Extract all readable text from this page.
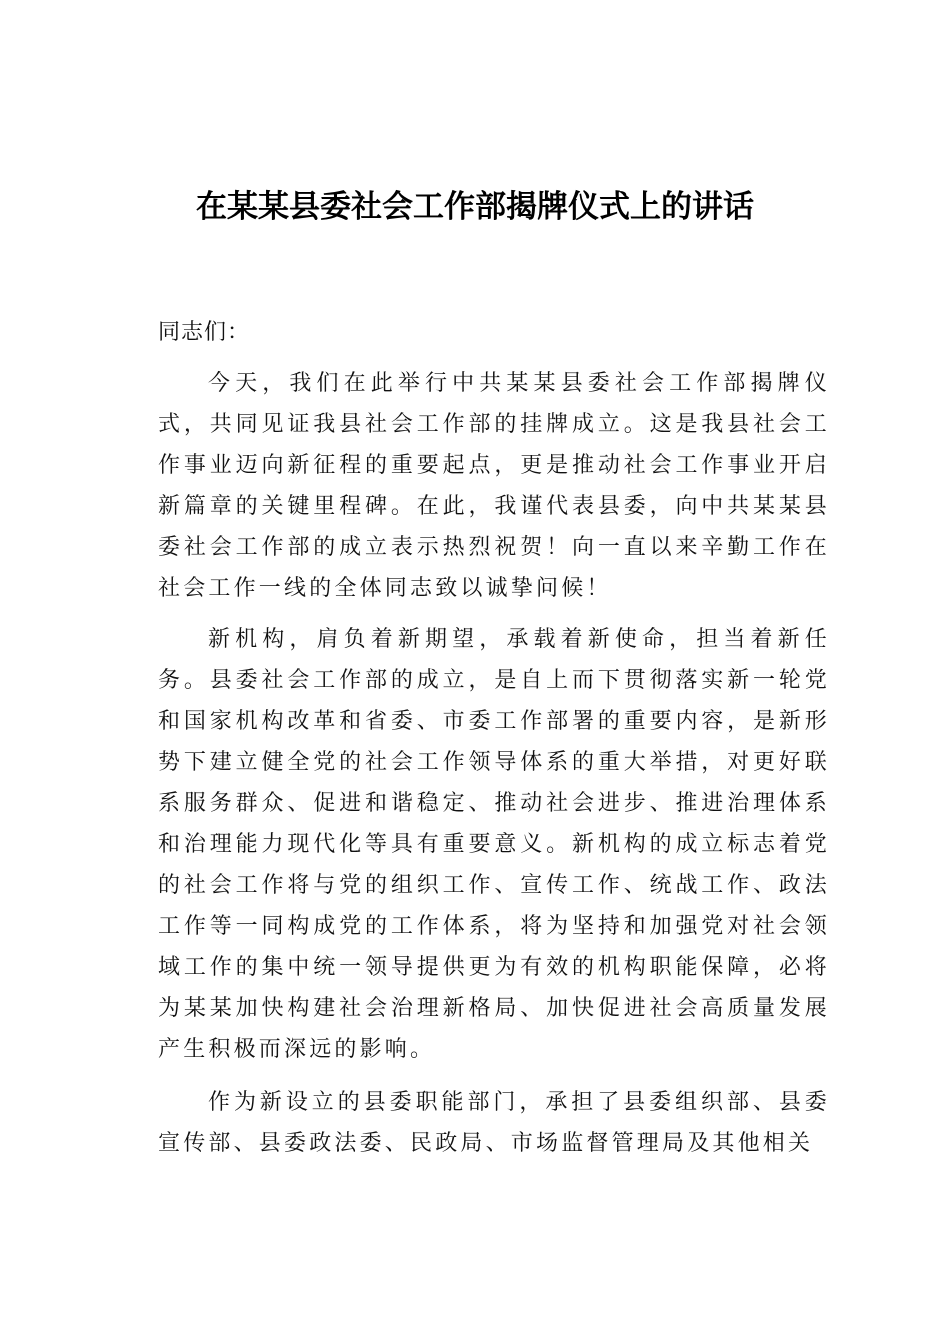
在某某县委社会工作部揭牌仪式上的讲话

同志们：

今天，我们在此举行中共某某县委社会工作部揭牌仪式，共同见证我县社会工作部的挂牌成立。这是我县社会工作事业迈向新征程的重要起点，更是推动社会工作事业开启新篇章的关键里程碑。在此，我谨代表县委，向中共某某县委社会工作部的成立表示热烈祝贺！向一直以来辛勤工作在社会工作一线的全体同志致以诚挚问候！

新机构，肩负着新期望，承载着新使命，担当着新任务。县委社会工作部的成立，是自上而下贯彻落实新一轮党和国家机构改革和省委、市委工作部署的重要内容，是新形势下建立健全党的社会工作领导体系的重大举措，对更好联系服务群众、促进和谐稳定、推动社会进步、推进治理体系和治理能力现代化等具有重要意义。新机构的成立标志着党的社会工作将与党的组织工作、宣传工作、统战工作、政法工作等一同构成党的工作体系，将为坚持和加强党对社会领域工作的集中统一领导提供更为有效的机构职能保障，必将为某某加快构建社会治理新格局、加快促进社会高质量发展产生积极而深远的影响。

作为新设立的县委职能部门，承担了县委组织部、县委宣传部、县委政法委、民政局、市场监督管理局及其他相关
